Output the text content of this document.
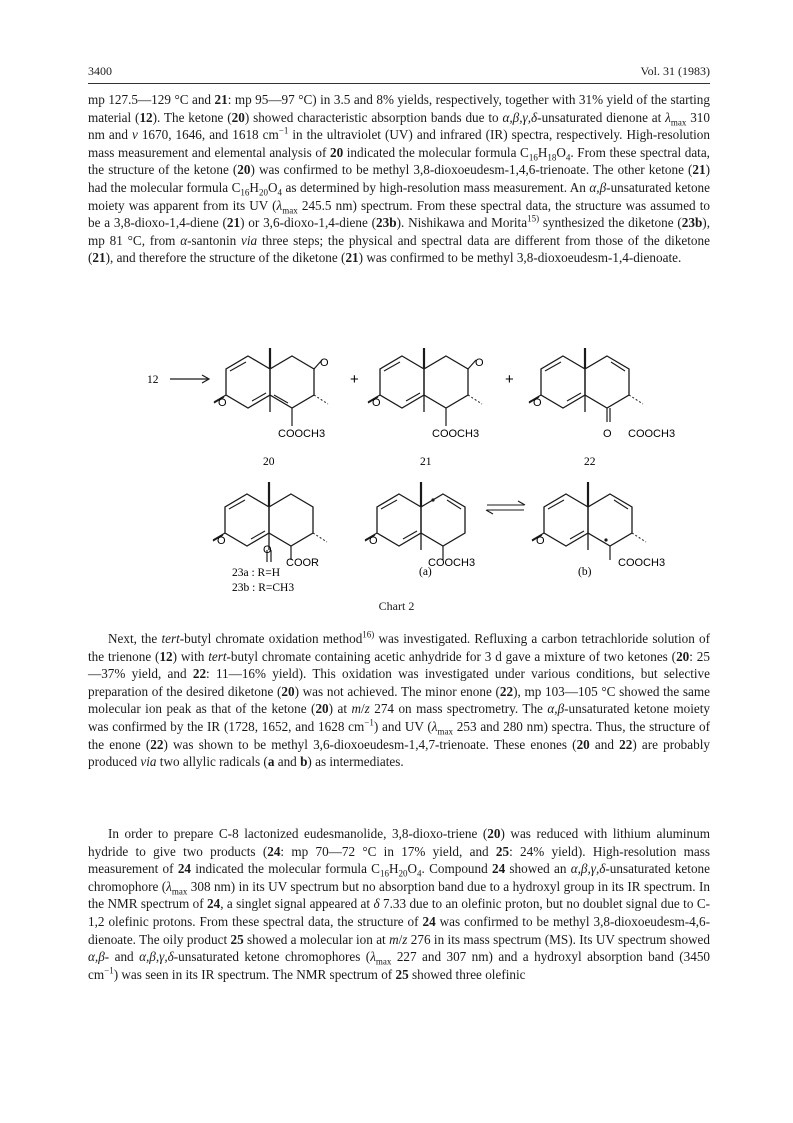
3400	Vol. 31 (1983)

mp 127.5—129 °C and 21: mp 95—97 °C) in 3.5 and 8% yields, respectively, together with 31% yield of the starting material (12). The ketone (20) showed characteristic absorption bands due to α,β,γ,δ-unsaturated dienone at $\lambda_{max}$ 310 nm and v 1670, 1646, and 1618 $cm^{-1}$ in the ultraviolet (UV) and infrared (IR) spectra, respectively. High-resolution mass measurement and elemental analysis of 20 indicated the molecular formula $C_{16}H_{18}O_4$. From these spectral data, the structure of the ketone (20) was confirmed to be methyl 3,8-dioxoeudesm-1,4,6-trienoate. The other ketone (21) had the molecular formula $C_{16}H_{20}O_4$ as determined by high-resolution mass measurement. An α,β-unsaturated ketone moiety was apparent from its UV ($\lambda_{max}$ 245.5 nm) spectrum. From these spectral data, the structure was assumed to be a 3,8-dioxo-1,4-diene (21) or 3,6-dioxo-1,4-diene (23b). Nishikawa and Morita$^{15)}$ synthesized the diketone (23b), mp 81 °C, from α-santonin via three steps; the physical and spectral data are different from those of the diketone (21), and therefore the structure of the diketone (21) was confirmed to be methyl 3,8-dioxoeudesm-1,4-dienoate.

12
O
O
COOCH3
20
+
O
O
COOCH3
21
+
O
O COOCH3
22
O
O
COOR
23a : R=H
23b : R=CH3
O
COOCH3
(a)
O
COOCH3
(b)
Chart 2

Next, the tert-butyl chromate oxidation method$^{16)}$ was investigated. Refluxing a carbon tetrachloride solution of the trienone (12) with tert-butyl chromate containing acetic anhydride for 3 d gave a mixture of two ketones (20: 25—37% yield, and 22: 11—16% yield). This oxidation was investigated under various conditions, but selective preparation of the desired diketone (20) was not achieved. The minor enone (22), mp 103—105 °C showed the same molecular ion peak as that of the ketone (20) at m/z 274 on mass spectrometry. The α,β-unsaturated ketone moiety was confirmed by the IR (1728, 1652, and 1628 $cm^{-1}$) and UV ($\lambda_{max}$ 253 and 280 nm) spectra. Thus, the structure of the enone (22) was shown to be methyl 3,6-dioxoeudesm-1,4,7-trienoate. These enones (20 and 22) are probably produced via two allylic radicals (a and b) as intermediates.

In order to prepare C-8 lactonized eudesmanolide, 3,8-dioxo-triene (20) was reduced with lithium aluminum hydride to give two products (24: mp 70—72 °C in 17% yield, and 25: 24% yield). High-resolution mass measurement of 24 indicated the molecular formula $C_{16}H_{20}O_4$. Compound 24 showed an α,β,γ,δ-unsaturated ketone chromophore ($\lambda_{max}$ 308 nm) in its UV spectrum but no absorption band due to a hydroxyl group in its IR spectrum. In the NMR spectrum of 24, a singlet signal appeared at δ 7.33 due to an olefinic proton, but no doublet signal due to C-1,2 olefinic protons. From these spectral data, the structure of 24 was confirmed to be methyl 3,8-dioxoeudesm-4,6-dienoate. The oily product 25 showed a molecular ion at m/z 276 in its mass spectrum (MS). Its UV spectrum showed α,β- and α,β,γ,δ-unsaturated ketone chromophores ($\lambda_{max}$ 227 and 307 nm) and a hydroxyl absorption band (3450 $cm^{-1}$) was seen in its IR spectrum. The NMR spectrum of 25 showed three olefinic
